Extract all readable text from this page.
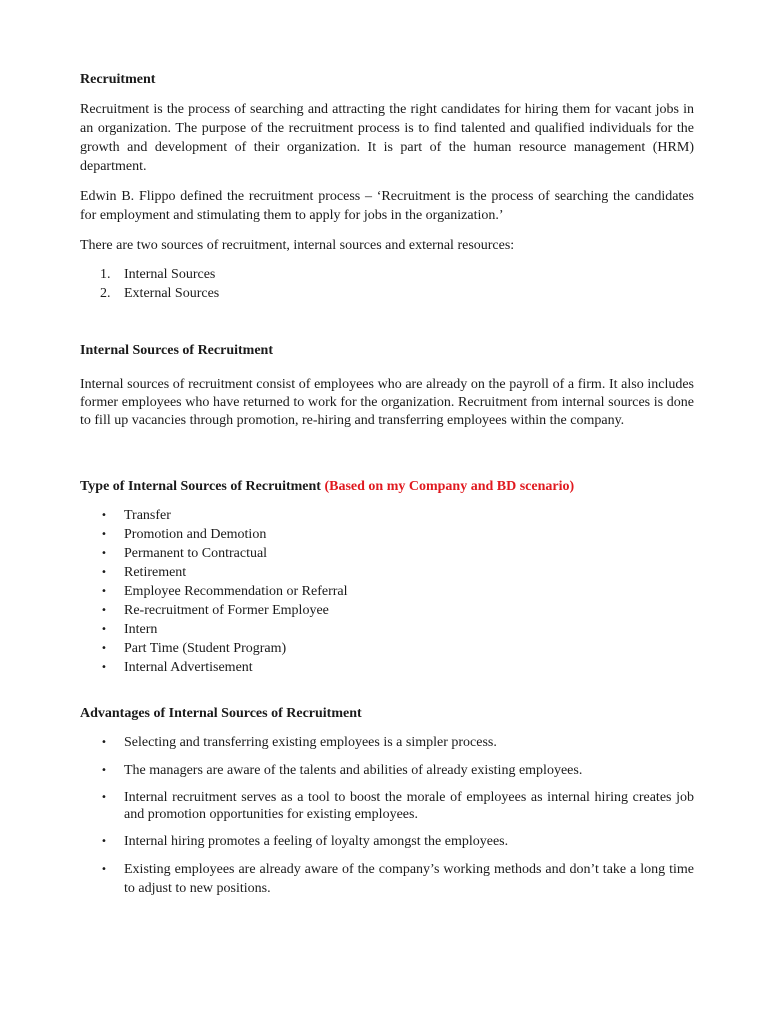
Recruitment

Recruitment is the process of searching and attracting the right candidates for hiring them for vacant jobs in an organization. The purpose of the recruitment process is to find talented and qualified individuals for the growth and development of their organization. It is part of the human resource management (HRM) department.

Edwin B. Flippo defined the recruitment process – ‘Recruitment is the process of searching the candidates for employment and stimulating them to apply for jobs in the organization.’

There are two sources of recruitment, internal sources and external resources:

1. Internal Sources
2. External Sources

Internal Sources of Recruitment

Internal sources of recruitment consist of employees who are already on the payroll of a firm. It also includes former employees who have returned to work for the organization. Recruitment from internal sources is done to fill up vacancies through promotion, re-hiring and transferring employees within the company.

Type of Internal Sources of Recruitment (Based on my Company and BD scenario)

• Transfer
• Promotion and Demotion
• Permanent to Contractual
• Retirement
• Employee Recommendation or Referral
• Re-recruitment of Former Employee
• Intern
• Part Time (Student Program)
• Internal Advertisement

Advantages of Internal Sources of Recruitment

• Selecting and transferring existing employees is a simpler process.
• The managers are aware of the talents and abilities of already existing employees.
• Internal recruitment serves as a tool to boost the morale of employees as internal hiring creates job and promotion opportunities for existing employees.
• Internal hiring promotes a feeling of loyalty amongst the employees.
• Existing employees are already aware of the company’s working methods and don’t take a long time to adjust to new positions.
